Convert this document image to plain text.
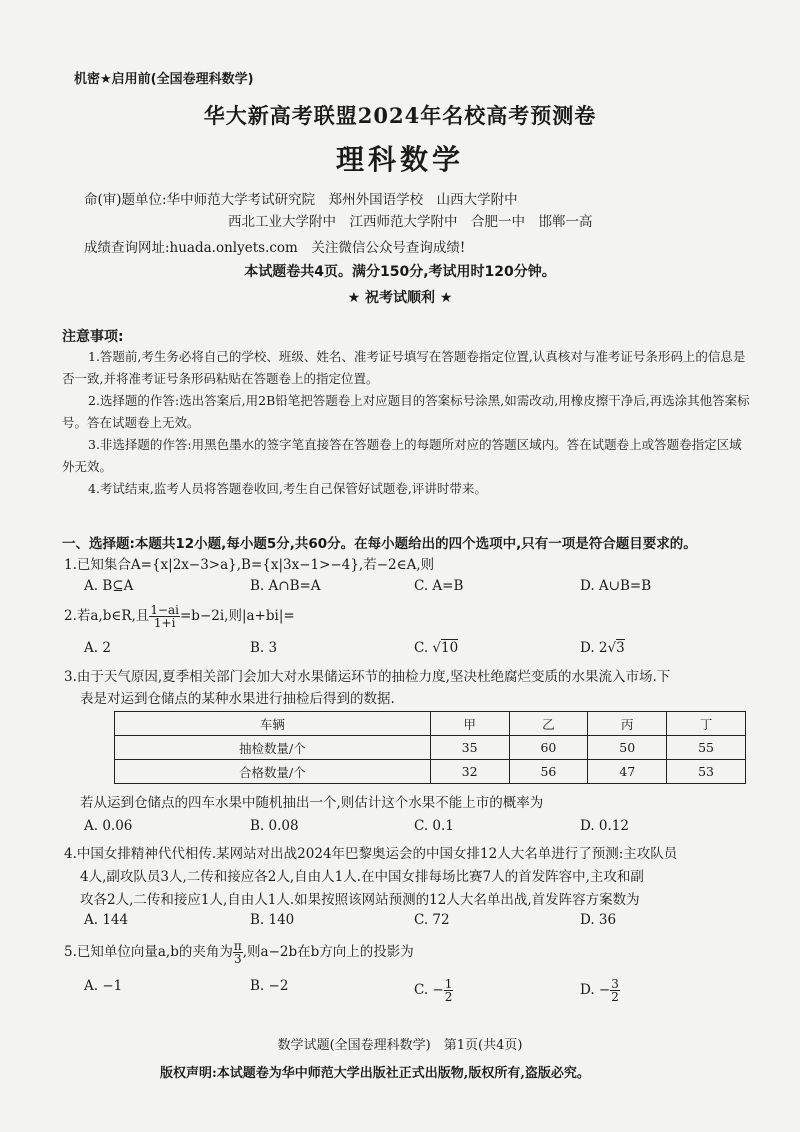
机密★启用前(全国卷理科数学)
华大新高考联盟2024年名校高考预测卷
理科数学
命(审)题单位:华中师范大学考试研究院　郑州外国语学校　山西大学附中
西北工业大学附中　江西师范大学附中　合肥一中　邯郸一高
成绩查询网址:huada.onlyets.com　关注微信公众号查询成绩!
本试题卷共4页。满分150分,考试用时120分钟。
★ 祝考试顺利 ★
注意事项:

1.答题前,考生务必将自己的学校、班级、姓名、准考证号填写在答题卷指定位置,认真核对与准考证号条形码上的信息是否一致,并将准考证号条形码粘贴在答题卷上的指定位置。

2.选择题的作答:选出答案后,用2B铅笔把答题卷上对应题目的答案标号涂黑,如需改动,用橡皮擦干净后,再选涂其他答案标号。答在试题卷上无效。

3.非选择题的作答:用黑色墨水的签字笔直接答在答题卷上的每题所对应的答题区域内。答在试题卷上或答题卷指定区域外无效。

4.考试结束,监考人员将答题卷收回,考生自己保管好试题卷,评讲时带来。

一、选择题:本题共12小题,每小题5分,共60分。在每小题给出的四个选项中,只有一项是符合题目要求的。
1.已知集合A={x|2x−3>a},B={x|3x−1>−4},若−2∈A,则
A. B⊆A	B. A∩B=A	C. A=B	D. A∪B=B
2.若a,b∈R,且 $\frac{1-ai}{1+i} =b-2i$,则|a+bi|=
A. 2	B. 3	C. √10	D. 2√3
3.由于天气原因,夏季相关部门会加大对水果储运环节的抽检力度,坚决杜绝腐烂变质的水果流入市场.下
表是对运到仓储点的某种水果进行抽检后得到的数据.
车辆	甲	乙	丙	丁
抽检数量/个	35	60	50	55
合格数量/个	32	56	47	53
若从运到仓储点的四车水果中随机抽出一个,则估计这个水果不能上市的概率为
A. 0.06	B. 0.08	C. 0.1	D. 0.12
4.中国女排精神代代相传.某网站对出战2024年巴黎奥运会的中国女排12人大名单进行了预测:主攻队员
4人,副攻队员3人,二传和接应各2人,自由人1人.在中国女排每场比赛7人的首发阵容中,主攻和副
攻各2人,二传和接应1人,自由人1人.如果按照该网站预测的12人大名单出战,首发阵容方案数为
A. 144	B. 140	C. 72	D. 36
5.已知单位向量a,b的夹角为 $\frac{\pi}{3}$ ,则a−2b在b方向上的投影为
A. −1	B. −2	C. − $\frac{1}{2}$	D. − $\frac{3}{2}$
数学试题(全国卷理科数学)　第1页(共4页)
版权声明:本试题卷为华中师范大学出版社正式出版物,版权所有,盗版必究。
